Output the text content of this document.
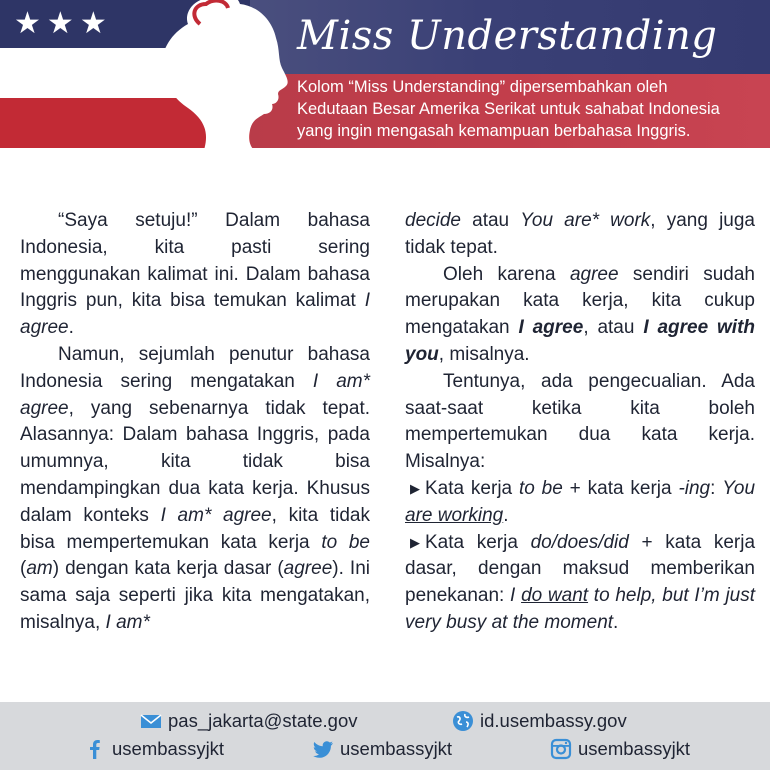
★ ★ ★	Miss Understanding
Kolom “Miss Understanding” dipersembahkan oleh
Kedutaan Besar Amerika Serikat untuk sahabat Indonesia
yang ingin mengasah kemampuan berbahasa Inggris.

“Saya setuju!” Dalam bahasa Indonesia, kita pasti sering menggunakan kalimat ini. Dalam bahasa Inggris pun, kita bisa temukan kalimat I agree.

Namun, sejumlah penutur bahasa Indonesia sering mengatakan I am* agree, yang sebenarnya tidak tepat. Alasannya: Dalam bahasa Inggris, pada umumnya, kita tidak bisa mendampingkan dua kata kerja. Khusus dalam konteks I am* agree, kita tidak bisa mempertemukan kata kerja to be (am) dengan kata kerja dasar (agree). Ini sama saja seperti jika kita mengatakan, misalnya, I am*

decide atau You are* work, yang juga tidak tepat.

Oleh karena agree sendiri sudah merupakan kata kerja, kita cukup mengatakan I agree, atau I agree with you, misalnya.

Tentunya, ada pengecualian. Ada saat-saat ketika kita boleh mempertemukan dua kata kerja. Misalnya:

▶ Kata kerja to be + kata kerja -ing: You are working.

▶ Kata kerja do/does/did + kata kerja dasar, dengan maksud memberikan penekanan: I do want to help, but I’m just very busy at the moment.

pas_jakarta@state.gov	id.usembassy.gov
usembassyjkt	usembassyjkt	usembassyjkt
